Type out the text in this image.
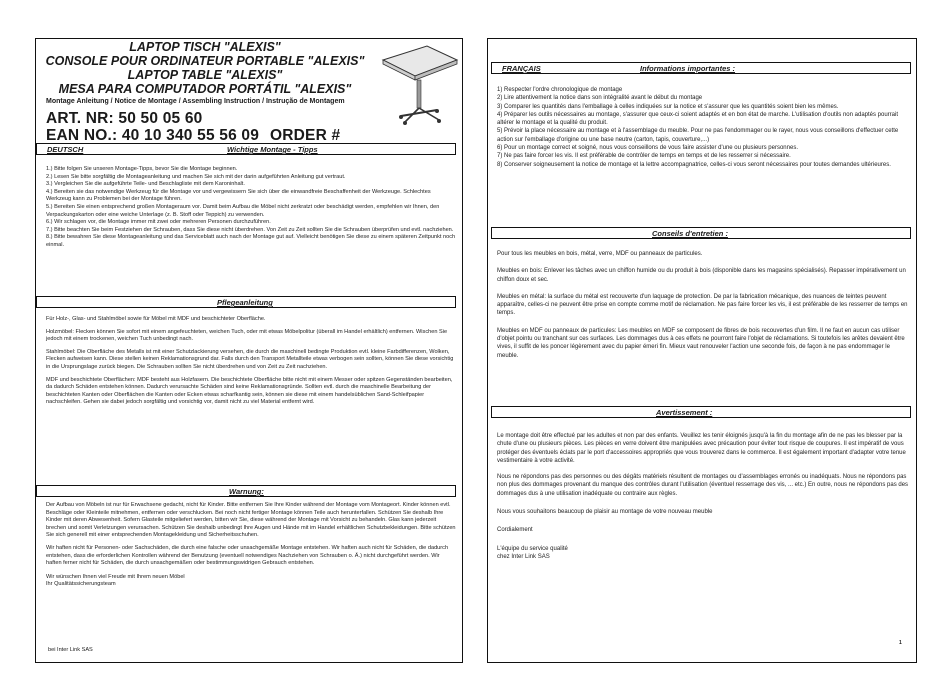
LAPTOP TISCH "ALEXIS"
CONSOLE POUR ORDINATEUR PORTABLE "ALEXIS"
LAPTOP TABLE "ALEXIS"
MESA PARA COMPUTADOR PORTÁTIL "ALEXIS"
Montage Anleitung / Notice de Montage / Assembling Instruction / Instrução de Montagem
ART. NR: 50 50 05 60
EAN NO.: 40 10 340 55 56 09 ORDER #
DEUTSCH	Wichtige Montage - Tipps
1.) Bitte folgen Sie unseren Montage-Tipps, bevor Sie die Montage beginnen.
2.) Lesen Sie bitte sorgfältig die Montageanleitung und machen Sie sich mit der darin aufgeführten Anleitung gut vertraut.
3.) Vergleichen Sie die aufgeführte Teile- und Beschlagliste mit dem Karoninhalt.
4.) Bereiten sie das notwendige Werkzeug für die Montage vor und vergewissern Sie sich über die einwandfreie Beschaffenheit der Werkzeuge. Schlechtes Werkzeug kann zu Problemen bei der Montage führen.
5.) Bereiten Sie einen entsprechend großen Montageraum vor. Damit beim Aufbau die Möbel nicht zerkratzt oder beschädigt werden, empfehlen wir Ihnen, den Verpackungskarton oder eine weiche Unterlage (z. B. Stoff oder Teppich) zu verwenden.
6.) Wir schlagen vor, die Montage immer mit zwei oder mehreren Personen durchzuführen.
7.) Bitte beachten Sie beim Festziehen der Schrauben, dass Sie diese nicht überdrehen. Von Zeit zu Zeit sollten Sie die Schrauben überprüfen und evtl. nachziehen.
8.) Bitte bewahren Sie diese Montageanleitung und das Serviceblatt auch nach der Montage gut auf. Vielleicht benötigen Sie diese zu einem späteren Zeitpunkt noch einmal.
Pflegeanleitung

Für Holz-, Glas- und Stahlmöbel sowie für Möbel mit MDF und beschichteter Oberfläche.

Holzmöbel: Flecken können Sie sofort mit einem angefeuchteten, weichen Tuch, oder mit etwas Möbelpolitur (überall im Handel erhältlich) entfernen. Wischen Sie jedoch mit einem trockenen, weichen Tuch unbedingt nach.

Stahlmöbel: Die Oberfläche des Metalls ist mit einer Schutzlackierung versehen, die durch die maschinell bedingte Produktion evtl. kleine Farbdifferenzen, Wolken, Flecken aufweisen kann. Diese stellen keinen Reklamationsgrund dar. Falls durch den Transport Metallteile etwas verbogen sein sollten, können Sie diese vorsichtig in die Ursprungslage zurück biegen. Die Schrauben sollten Sie nicht überdrehen und von Zeit zu Zeit nachziehen.

MDF und beschichtete Oberflächen: MDF besteht aus Holzfasern. Die beschichtete Oberfläche bitte nicht mit einem Messer oder spitzen Gegenständen bearbeiten, da dadurch Schäden entstehen können. Dadurch verursachte Schäden sind keine Reklamationsgründe. Sollten evtl. durch die maschinelle Bearbeitung der beschichteten Kanten oder Oberflächen die Kanten oder Ecken etwas scharfkantig sein, können sie diese mit einem handelsüblichen Sand-Schleifpapier nachschleifen. Gehen sie dabei jedoch sorgfältig und vorsichtig vor, damit nicht zu viel Material entfernt wird.

Warnung:

Der Aufbau von Möbeln ist nur für Erwachsene gedacht, nicht für Kinder. Bitte entfernen Sie Ihre Kinder während der Montage vom Montageort. Kinder können evtl. Beschläge oder Kleinteile mitnehmen, entfernen oder verschlucken. Bei noch nicht fertiger Montage können Teile auch herunterfallen. Schützen Sie deshalb Ihre Kinder mit deren Abwesenheit. Sofern Glasteile mitgeliefert werden, bitten wir Sie, diese während der Montage mit Vorsicht zu behandeln. Glas kann jederzeit brechen und somit Verletzungen verursachen. Schützen Sie deshalb unbedingt Ihre Augen und Hände mit im Handel erhältlichen Schutzbekleidungen. Bitte schützen Sie sich generell mit einer entsprechenden Montagekleidung und Sicherheitsschuhen.

Wir haften nicht für Personen- oder Sachschäden, die durch eine falsche oder unsachgemäße Montage entstehen. Wir haften auch nicht für Schäden, die dadurch entstehen, dass die erforderlichen Kontrollen während der Benutzung (eventuell notwendiges Nachziehen von Schrauben o. Ä.) nicht durchgeführt werden. Wir haften ferner nicht für Schäden, die durch unsachgemäßen oder bestimmungswidrigen Gebrauch entstehen.

Wir wünschen Ihnen viel Freude mit Ihrem neuen Möbel

Ihr Qualitätssicherungsteam

bei Inter Link SAS
FRANÇAIS	Informations importantes :
1) Respecter l'ordre chronologique de montage
2) Lire attentivement la notice dans son intégralité avant le début du montage
3) Comparer les quantités dans l'emballage à celles indiquées sur la notice et s'assurer que les quantités soient bien les mêmes.
4) Préparer les outils nécessaires au montage, s'assurer que ceux-ci soient adaptés et en bon état de marche. L'utilisation d'outils non adaptés pourrait altérer le montage et la qualité du produit.
5) Prévoir la place nécessaire au montage et à l'assemblage du meuble. Pour ne pas l'endommager ou le rayer, nous vous conseillons d'effectuer cette action sur l'emballage d'origine ou une base neutre (carton, tapis, couverture,...)
6) Pour un montage correct et soigné, nous vous conseillons de vous faire assister d'une ou plusieurs personnes.
7) Ne pas faire forcer les vis. Il est préférable de contrôler de temps en temps et de les resserrer si nécessaire.
8) Conserver soigneusement la notice de montage et la lettre accompagnatrice, celles-ci vous seront nécessaires pour toutes demandes ultérieures.
Conseils d'entretien :

Pour tous les meubles en bois, métal, verre, MDF ou panneaux de particules.

Meubles en bois: Enlever les tâches avec un chiffon humide ou du produit à bois (disponible dans les magasins spécialisés). Repasser impérativement un chiffon doux et sec.

Meubles en métal: la surface du métal est recouverte d'un laquage de protection. De par la fabrication mécanique, des nuances de teintes peuvent apparaître, celles-ci ne peuvent être prise en compte comme motif de réclamation. Ne pas faire forcer les vis, il est préférable de les resserrer de temps en temps.

Meubles en MDF ou panneaux de particules: Les meubles en MDF se composent de fibres de bois recouvertes d'un film. Il ne faut en aucun cas utiliser d'objet pointu ou tranchant sur ces surfaces. Les dommages dus à ces effets ne pourront faire l'objet de réclamations. Si toutefois les arêtes devaient être vives, il suffit de les poncer légèrement avec du papier émeri fin. Mieux vaut renouveler l'action une seconde fois, de façon à ne pas endommager le meuble.

Avertissement :

Le montage doit être effectué par les adultes et non par des enfants. Veuillez les tenir éloignés jusqu'à la fin du montage afin de ne pas les blesser par la chute d'une ou plusieurs pièces. Les pièces en verre doivent être manipulées avec précaution pour éviter tout risque de coupures. Il est impératif de vous protéger des éventuels éclats par le port d'accessoires appropriés que vous trouverez dans le commerce. Il est également important d'adapter votre tenue vestimentaire à votre activité.

Nous ne répondons pas des personnes ou des dégâts matériels résultent de montages ou d'assemblages erronés ou inadéquats. Nous ne répondons pas non plus des dommages provenant du manque des contrôles durant l'utilisation (éventuel resserrage des vis, ... etc.) En outre, nous ne répondons pas des dommages dus à une utilisation inadéquate ou contraire aux règles.

Nous vous souhaitons beaucoup de plaisir au montage de votre nouveau meuble

Cordialement

L'équipe du service qualité

chez Inter Link SAS

1
